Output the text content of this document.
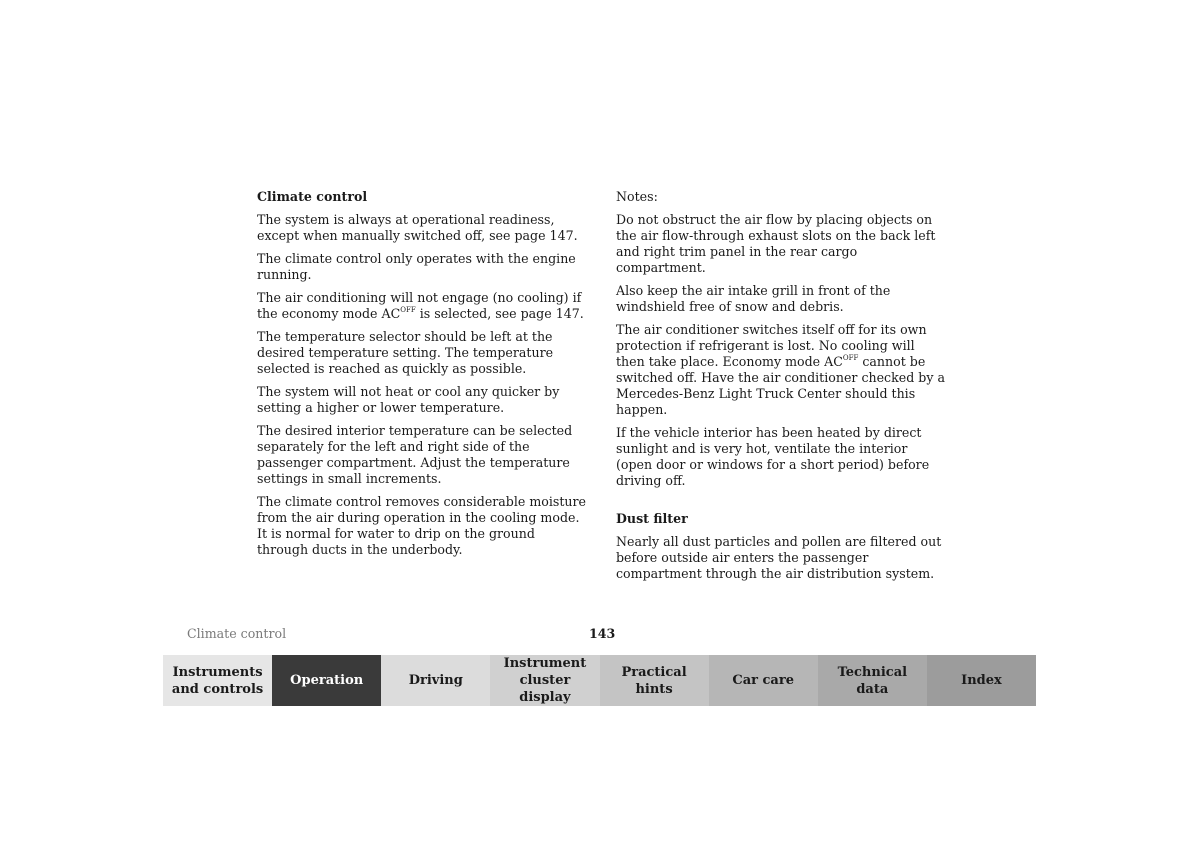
Climate control

The system is always at operational readiness, except when manually switched off, see page 147.

The climate control only operates with the engine running.

The air conditioning will not engage (no cooling) if the economy mode $AC^{OFF}$ is selected, see page 147.

The temperature selector should be left at the desired temperature setting. The temperature selected is reached as quickly as possible.

The system will not heat or cool any quicker by setting a higher or lower temperature.

The desired interior temperature can be selected separately for the left and right side of the passenger compartment. Adjust the temperature settings in small increments.

The climate control removes considerable moisture from the air during operation in the cooling mode. It is normal for water to drip on the ground through ducts in the underbody.

Notes:

Do not obstruct the air flow by placing objects on the air flow-through exhaust slots on the back left and right trim panel in the rear cargo compartment.

Also keep the air intake grill in front of the windshield free of snow and debris.

The air conditioner switches itself off for its own protection if refrigerant is lost. No cooling will then take place. Economy mode $AC^{OFF}$ cannot be switched off. Have the air conditioner checked by a Mercedes-Benz Light Truck Center should this happen.

If the vehicle interior has been heated by direct sunlight and is very hot, ventilate the interior (open door or windows for a short period) before driving off.

Dust filter

Nearly all dust particles and pollen are filtered out before outside air enters the passenger compartment through the air distribution system.

Climate control	143
Instruments
and controls
Operation	Driving
Instrument
cluster display
Practical hints
Car care
Technical
data
Index
